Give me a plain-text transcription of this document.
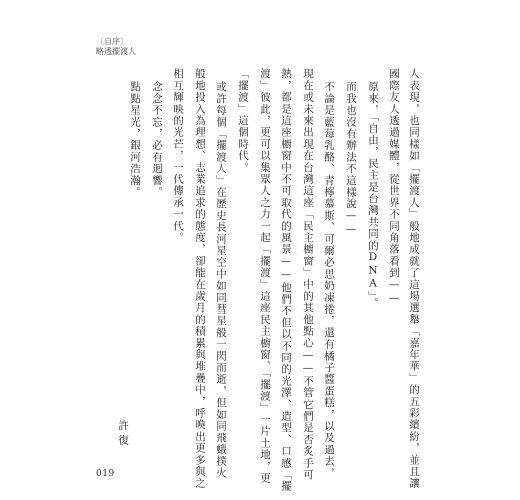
〔自序〕
略透擺渡人
人表現，也同樣如「擺渡人」般地成就了這場選舉「嘉年華」的五彩繽紛，並且讓
國際友人透過媒體，從世界不同角落看到——
原來，「自由，民主是台灣共同的DNA」。
而我也沒有辦法不這樣說——
不論是藍莓乳酪、青檸慕斯、可爾必思奶凍捲，還有橘子醬蛋糕，以及過去，
現在或未來出現在台灣這座「民主櫥窗」中的其他點心——不管它們是否炙手可
熱，都是這座櫥窗中不可取代的風景——他們不但以不同的光澤、造型、口感「擺
渡」彼此，更可以集眾人之力一起「擺渡」這座民主櫥窗、「擺渡」一片土地，更
「擺渡」這個時代。
或許每個「擺渡人」在歷史長河星空中如同彗星般一閃而逝，但如同飛蛾撲火
般地投入為理想、志業追求的態度，卻能在歲月的積累與堆疊中，呼喚出更多與之
相互輝映的光芒，一代傳承一代。
念念不忘，必有迴響。
點點星光，銀河浩瀚。
許復
019
